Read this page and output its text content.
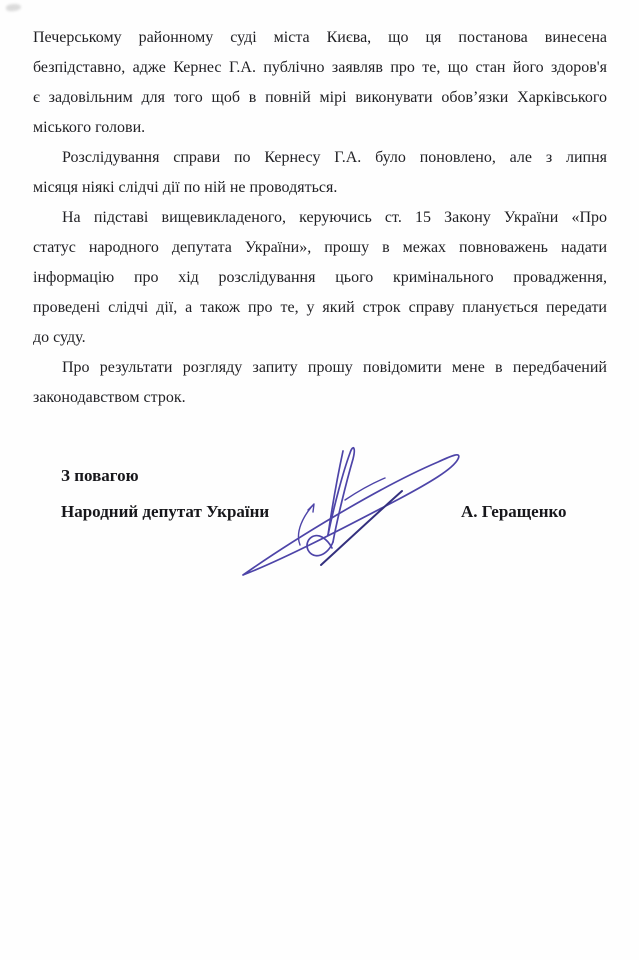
Печерському районному суді міста Києва, що ця постанова винесена
безпідставно, адже Кернес Г.А. публічно заявляв про те, що стан його здоров'я
є задовільним для того щоб в повній мірі виконувати обов’язки Харківського
міського голови.
Розслідування справи по Кернесу Г.А. було поновлено, але з липня
місяця ніякі слідчі дії по ній не проводяться.
На підставі вищевикладеного, керуючись ст. 15 Закону України «Про
статус народного депутата України», прошу в межах повноважень надати
інформацію про хід розслідування цього кримінального провадження,
проведені слідчі дії, а також про те, у який строк справу планується передати
до суду.
Про результати розгляду запиту прошу повідомити мене в передбачений
законодавством строк.
З повагою
Народний депутат України	А. Геращенко
